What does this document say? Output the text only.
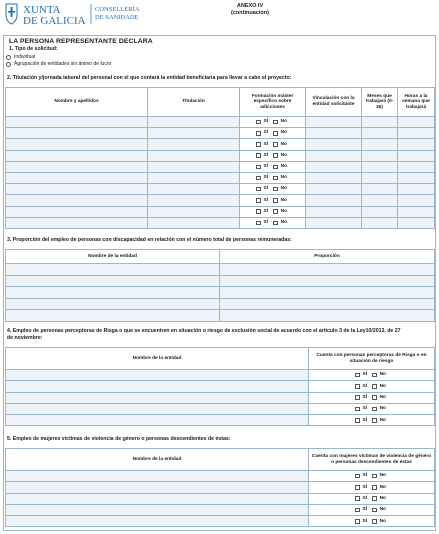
XUNTA
DE GALICIA
CONSELLERÍA
DE SANIDADE
ANEXO IV
(continuación)
LA PERSONA REPRESENTANTE DECLARA
1. Tipo de solicitud:
Individual
Agrupación de entidades sin ánimo de lucro
2. Titulación y/jornada laboral del personal con el que contará la entidad beneficiaria para llevar a cabo el proyecto:
Nombre y apellidos	Titulación	Formación máster específico sobre adicciones	Vinculación con la entidad solicitante	Meses que trabajará (0-36)	Horas a la semana que trabajará

		SÍ No			

		SÍ No			

		SÍ No			

		SÍ No			

		SÍ No			

		SÍ No			

		SÍ No			

		SÍ No			

		SÍ No			

		SÍ No			

3. Proporción del empleo de personas con discapacidad en relación con el número total de personas remuneradas:
Nombre de la entidad	Proporción

4. Empleo de personas perceptoras de Risga o que se encuentren en situación o riesgo de exclusión social de acuerdo con el artículo 3 de la Ley10/2013, de 27
de noviembre:
Nombre de la entidad	Cuenta con personas perceptoras de Risga o en situación de riesgo

	SÍ No

	SÍ No

	SÍ No

	SÍ No

	SÍ No
5. Empleo de mujeres víctimas de violencia de género o personas descendientes de éstas:
Nombre de la entidad	Cuenta con mujeres víctimas de violencia de género o personas descendientes de éstas

	SÍ No

	SÍ No

	SÍ No

	SÍ No

	SÍ No
